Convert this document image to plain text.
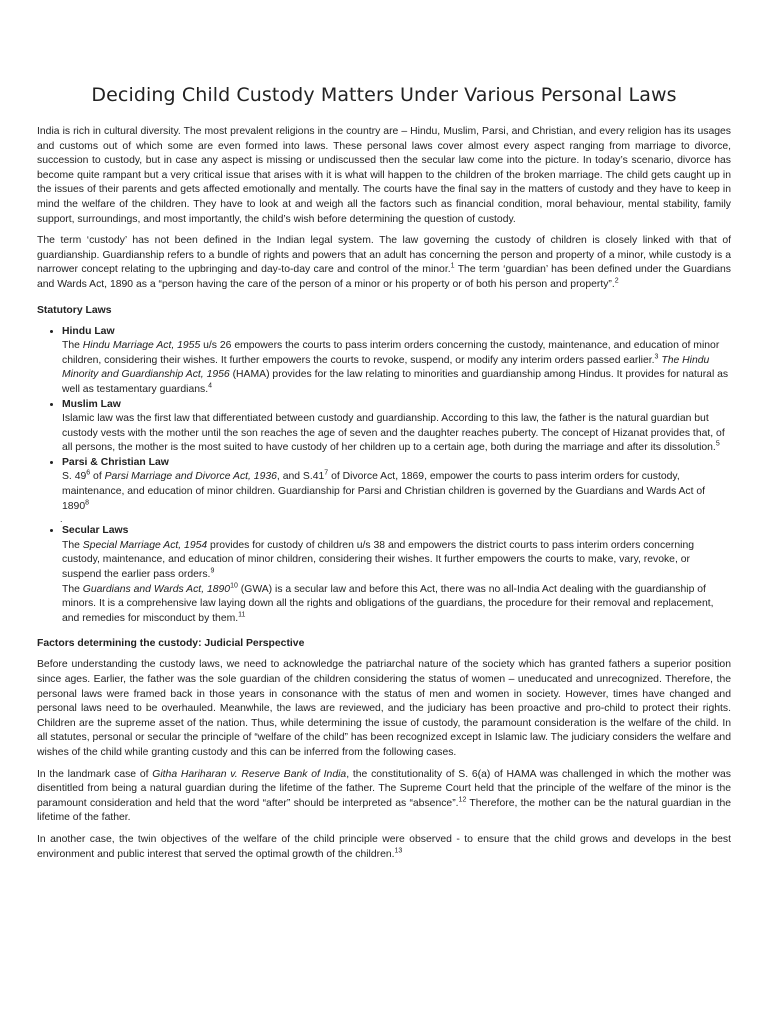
Deciding Child Custody Matters Under Various Personal Laws

India is rich in cultural diversity. The most prevalent religions in the country are – Hindu, Muslim, Parsi, and Christian, and every religion has its usages and customs out of which some are even formed into laws. These personal laws cover almost every aspect ranging from marriage to divorce, succession to custody, but in case any aspect is missing or undiscussed then the secular law come into the picture. In today’s scenario, divorce has become quite rampant but a very critical issue that arises with it is what will happen to the children of the broken marriage. The child gets caught up in the issues of their parents and gets affected emotionally and mentally. The courts have the final say in the matters of custody and they have to keep in mind the welfare of the children. They have to look at and weigh all the factors such as financial condition, moral behaviour, mental stability, family support, surroundings, and most importantly, the child’s wish before determining the question of custody.

The term ‘custody’ has not been defined in the Indian legal system. The law governing the custody of children is closely linked with that of guardianship. Guardianship refers to a bundle of rights and powers that an adult has concerning the person and property of a minor, while custody is a narrower concept relating to the upbringing and day-to-day care and control of the minor.$^1$ The term ‘guardian’ has been defined under the Guardians and Wards Act, 1890 as a “person having the care of the person of a minor or his property or of both his person and property”.$^2$

Statutory Laws
• Hindu Law
The Hindu Marriage Act, 1955 u/s 26 empowers the courts to pass interim orders concerning the custody, maintenance, and education of minor children, considering their wishes. It further empowers the courts to revoke, suspend, or modify any interim orders passed earlier.$^3$ The Hindu Minority and Guardianship Act, 1956 (HAMA) provides for the law relating to minorities and guardianship among Hindus. It provides for natural as well as testamentary guardians.$^4$
• Muslim Law
Islamic law was the first law that differentiated between custody and guardianship. According to this law, the father is the natural guardian but custody vests with the mother until the son reaches the age of seven and the daughter reaches puberty. The concept of Hizanat provides that, of all persons, the mother is the most suited to have custody of her children up to a certain age, both during the marriage and after its dissolution.$^5$
• Parsi & Christian Law
S. $49^6$ of Parsi Marriage and Divorce Act, 1936, and $S.41^7$ of Divorce Act, 1869, empower the courts to pass interim orders for custody, maintenance, and education of minor children. Guardianship for Parsi and Christian children is governed by the Guardians and Wards Act of 1890$^8$
.
• Secular Laws
The Special Marriage Act, 1954 provides for custody of children u/s 38 and empowers the district courts to pass interim orders concerning custody, maintenance, and education of minor children, considering their wishes. It further empowers the courts to make, vary, revoke, or suspend the earlier pass orders.$^9$
The Guardians and Wards Act, 1890$^{10}$ (GWA) is a secular law and before this Act, there was no all-India Act dealing with the guardianship of minors. It is a comprehensive law laying down all the rights and obligations of the guardians, the procedure for their removal and replacement, and remedies for misconduct by them.$^{11}$
Factors determining the custody: Judicial Perspective

Before understanding the custody laws, we need to acknowledge the patriarchal nature of the society which has granted fathers a superior position since ages. Earlier, the father was the sole guardian of the children considering the status of women – uneducated and unrecognized. Therefore, the personal laws were framed back in those years in consonance with the status of men and women in society. However, times have changed and personal laws need to be overhauled. Meanwhile, the laws are reviewed, and the judiciary has been proactive and pro-child to protect their rights. Children are the supreme asset of the nation. Thus, while determining the issue of custody, the paramount consideration is the welfare of the child. In all statutes, personal or secular the principle of “welfare of the child” has been recognized except in Islamic law. The judiciary considers the welfare and wishes of the child while granting custody and this can be inferred from the following cases.

In the landmark case of Githa Hariharan v. Reserve Bank of India, the constitutionality of S. 6(a) of HAMA was challenged in which the mother was disentitled from being a natural guardian during the lifetime of the father. The Supreme Court held that the principle of the welfare of the minor is the paramount consideration and held that the word “after” should be interpreted as “absence”.$^{12}$ Therefore, the mother can be the natural guardian in the lifetime of the father.

In another case, the twin objectives of the welfare of the child principle were observed - to ensure that the child grows and develops in the best environment and public interest that served the optimal growth of the children.$^{13}$
